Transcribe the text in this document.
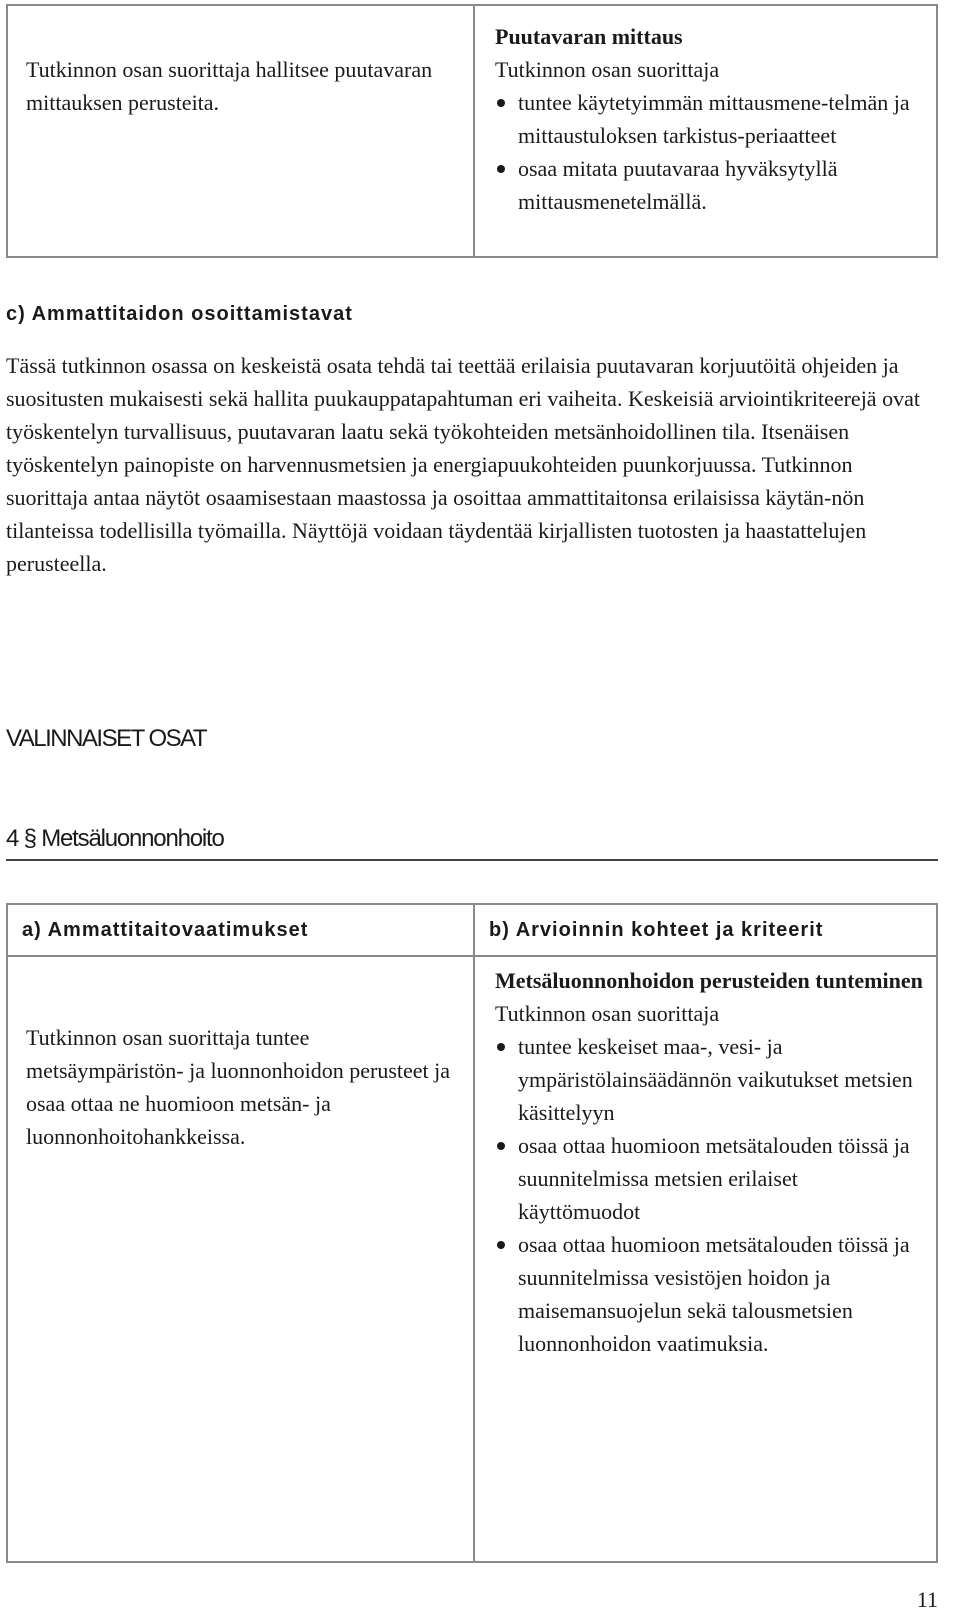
Tutkinnon osan suorittaja hallitsee puutavaran mittauksen perusteita.
Puutavaran mittaus
Tutkinnon osan suorittaja
tuntee käytetyimmän mittausmene-telmän ja mittaustuloksen tarkistus-periaatteet
osaa mitata puutavaraa hyväksytyllä mittausmenetelmällä.
c) Ammattitaidon osoittamistavat
Tässä tutkinnon osassa on keskeistä osata tehdä tai teettää erilaisia puutavaran korjuutöitä ohjeiden ja suositusten mukaisesti sekä hallita puukauppatapahtuman eri vaiheita. Keskeisiä arviointikriteerejä ovat työskentelyn turvallisuus, puutavaran laatu sekä työkohteiden metsänhoidollinen tila. Itsenäisen työskentelyn painopiste on harvennusmetsien ja energiapuukohteiden puunkorjuussa. Tutkinnon suorittaja antaa näytöt osaamisestaan maastossa ja osoittaa ammattitaitonsa erilaisissa käytän-nön tilanteissa todellisilla työmailla. Näyttöjä voidaan täydentää kirjallisten tuotosten ja haastattelujen perusteella.
VALINNAISET OSAT
4 § Metsäluonnonhoito
a) Ammattitaitovaatimukset	b) Arvioinnin kohteet ja kriteerit
Tutkinnon osan suorittaja tuntee metsäympäristön- ja luonnonhoidon perusteet ja osaa ottaa ne huomioon metsän- ja luonnonhoitohankkeissa.
Metsäluonnonhoidon perusteiden tunteminen
Tutkinnon osan suorittaja
tuntee keskeiset maa-, vesi- ja ympäristölainsäädännön vaikutukset metsien käsittelyyn
osaa ottaa huomioon metsätalouden töissä ja suunnitelmissa metsien erilaiset käyttömuodot
osaa ottaa huomioon metsätalouden töissä ja suunnitelmissa vesistöjen hoidon ja maisemansuojelun sekä talousmetsien luonnonhoidon vaatimuksia.
11
